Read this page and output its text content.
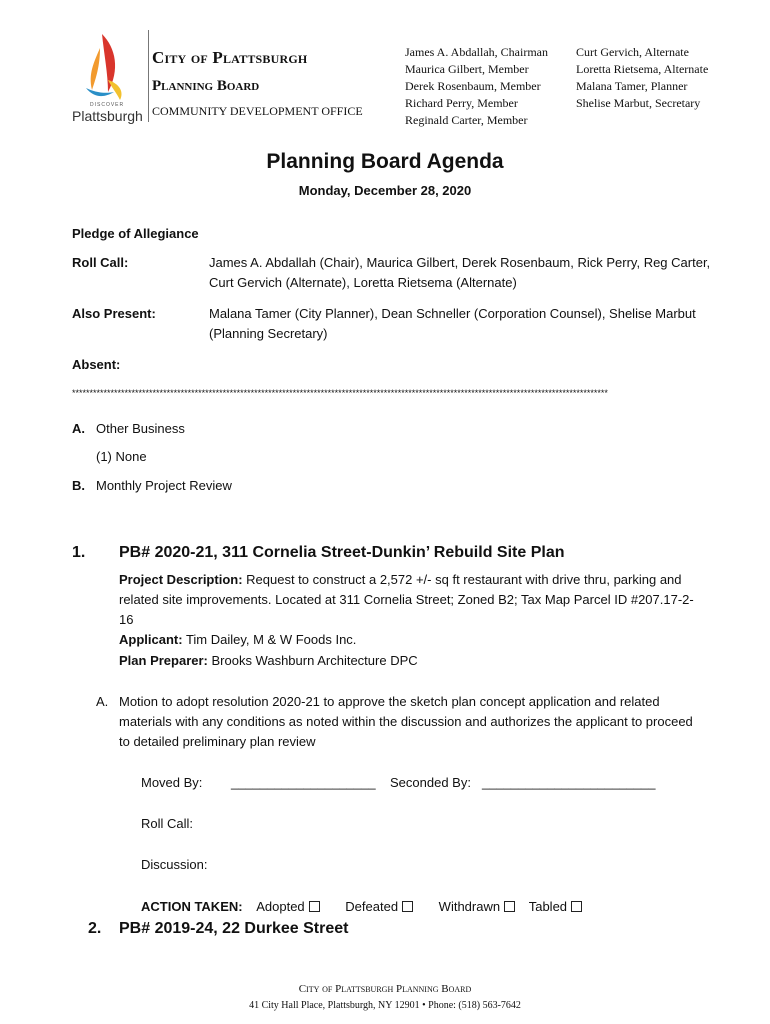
DISCOVER
Plattsburgh
City of Plattsburgh
Planning Board
COMMUNITY DEVELOPMENT OFFICE
James A. Abdallah, Chairman
Maurica Gilbert, Member
Derek Rosenbaum, Member
Richard Perry, Member
Reginald Carter, Member
Curt Gervich, Alternate
Loretta Rietsema, Alternate
Malana Tamer, Planner
Shelise Marbut, Secretary
Planning Board Agenda
Monday, December 28, 2020
Pledge of Allegiance
Roll Call:	James A. Abdallah (Chair), Maurica Gilbert, Derek Rosenbaum, Rick Perry, Reg Carter,
Curt Gervich (Alternate), Loretta Rietsema (Alternate)
Also Present:	Malana Tamer (City Planner), Dean Schneller (Corporation Counsel), Shelise Marbut
(Planning Secretary)
Absent:
*********************************************************************************************************************************************************
A. Other Business
(1) None
B. Monthly Project Review
1. PB# 2020-21, 311 Cornelia Street-Dunkin’ Rebuild Site Plan
Project Description: Request to construct a 2,572 +/- sq ft restaurant with drive thru, parking and
related site improvements. Located at 311 Cornelia Street; Zoned B2; Tax Map Parcel ID #207.17-2-
16
Applicant: Tim Dailey, M & W Foods Inc.
Plan Preparer: Brooks Washburn Architecture DPC
A. Motion to adopt resolution 2020-21 to approve the sketch plan concept application and related
materials with any conditions as noted within the discussion and authorizes the applicant to proceed
to detailed preliminary plan review
Moved By: ____________________ Seconded By: ________________________
Roll Call:
Discussion:
ACTION TAKEN: Adopted	Defeated	Withdrawn Tabled
2. PB# 2019-24, 22 Durkee Street
City of Plattsburgh Planning Board
41 City Hall Place, Plattsburgh, NY 12901 • Phone: (518) 563-7642
